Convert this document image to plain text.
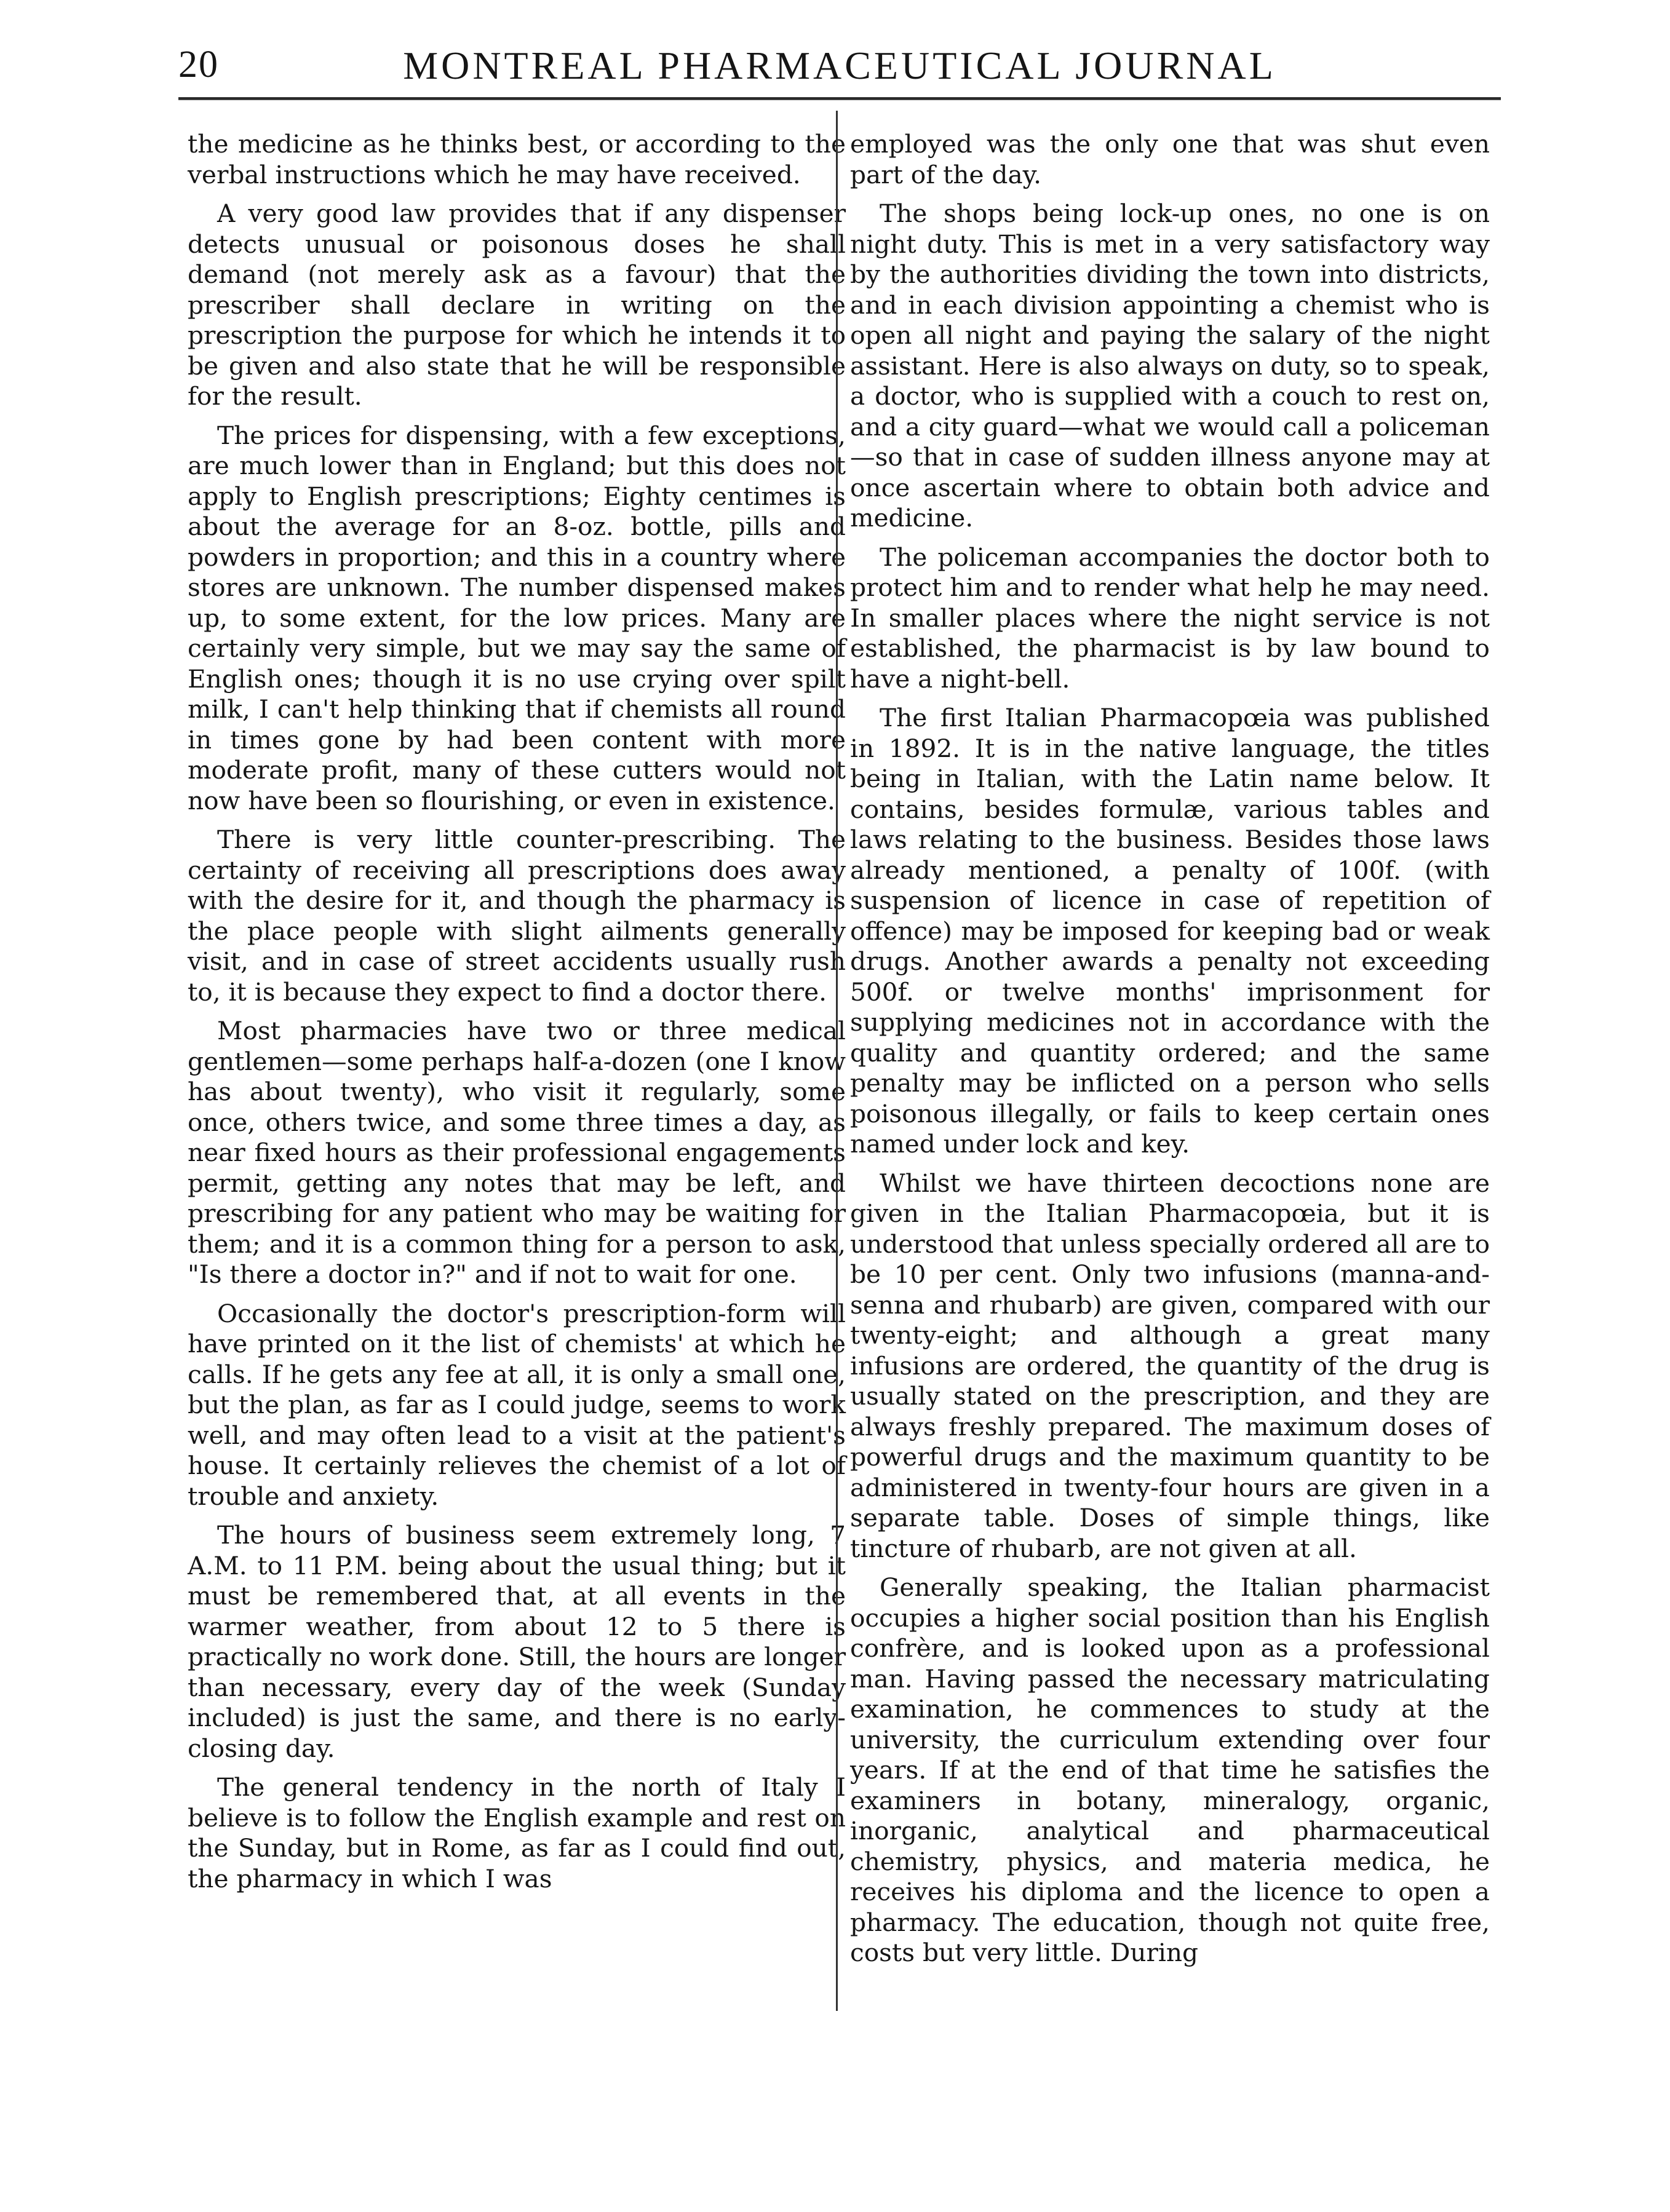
20	MONTREAL PHARMACEUTICAL JOURNAL

the medicine as he thinks best, or according to the verbal instructions which he may have received.

A very good law provides that if any dispenser detects unusual or poisonous doses he shall demand (not merely ask as a favour) that the prescriber shall declare in writing on the prescription the purpose for which he intends it to be given and also state that he will be responsible for the result.

The prices for dispensing, with a few exceptions, are much lower than in England; but this does not apply to English prescriptions; Eighty centimes is about the average for an 8-oz. bottle, pills and powders in proportion; and this in a country where stores are unknown. The number dispensed makes up, to some extent, for the low prices. Many are certainly very simple, but we may say the same of English ones; though it is no use crying over spilt milk, I can't help thinking that if chemists all round in times gone by had been content with more moderate profit, many of these cutters would not now have been so flourishing, or even in existence.

There is very little counter-prescribing. The certainty of receiving all prescriptions does away with the desire for it, and though the pharmacy is the place people with slight ailments generally visit, and in case of street accidents usually rush to, it is because they expect to find a doctor there.

Most pharmacies have two or three medical gentlemen—some perhaps half-a-dozen (one I know has about twenty), who visit it regularly, some once, others twice, and some three times a day, as near fixed hours as their professional engagements permit, getting any notes that may be left, and prescribing for any patient who may be waiting for them; and it is a common thing for a person to ask, "Is there a doctor in?" and if not to wait for one.

Occasionally the doctor's prescription-form will have printed on it the list of chemists' at which he calls. If he gets any fee at all, it is only a small one, but the plan, as far as I could judge, seems to work well, and may often lead to a visit at the patient's house. It certainly relieves the chemist of a lot of trouble and anxiety.

The hours of business seem extremely long, 7 A.M. to 11 P.M. being about the usual thing; but it must be remembered that, at all events in the warmer weather, from about 12 to 5 there is practically no work done. Still, the hours are longer than necessary, every day of the week (Sunday included) is just the same, and there is no early-closing day.

The general tendency in the north of Italy I believe is to follow the English example and rest on the Sunday, but in Rome, as far as I could find out, the pharmacy in which I was

employed was the only one that was shut even part of the day.

The shops being lock-up ones, no one is on night duty. This is met in a very satisfactory way by the authorities dividing the town into districts, and in each division appointing a chemist who is open all night and paying the salary of the night assistant. Here is also always on duty, so to speak, a doctor, who is supplied with a couch to rest on, and a city guard—what we would call a policeman—so that in case of sudden illness anyone may at once ascertain where to obtain both advice and medicine.

The policeman accompanies the doctor both to protect him and to render what help he may need. In smaller places where the night service is not established, the pharmacist is by law bound to have a night-bell.

The first Italian Pharmacopœia was published in 1892. It is in the native language, the titles being in Italian, with the Latin name below. It contains, besides formulæ, various tables and laws relating to the business. Besides those laws already mentioned, a penalty of 100f. (with suspension of licence in case of repetition of offence) may be imposed for keeping bad or weak drugs. Another awards a penalty not exceeding 500f. or twelve months' imprisonment for supplying medicines not in accordance with the quality and quantity ordered; and the same penalty may be inflicted on a person who sells poisonous illegally, or fails to keep certain ones named under lock and key.

Whilst we have thirteen decoctions none are given in the Italian Pharmacopœia, but it is understood that unless specially ordered all are to be 10 per cent. Only two infusions (manna-and-senna and rhubarb) are given, compared with our twenty-eight; and although a great many infusions are ordered, the quantity of the drug is usually stated on the prescription, and they are always freshly prepared. The maximum doses of powerful drugs and the maximum quantity to be administered in twenty-four hours are given in a separate table. Doses of simple things, like tincture of rhubarb, are not given at all.

Generally speaking, the Italian pharmacist occupies a higher social position than his English confrère, and is looked upon as a professional man. Having passed the necessary matriculating examination, he commences to study at the university, the curriculum extending over four years. If at the end of that time he satisfies the examiners in botany, mineralogy, organic, inorganic, analytical and pharmaceutical chemistry, physics, and materia medica, he receives his diploma and the licence to open a pharmacy. The education, though not quite free, costs but very little. During
